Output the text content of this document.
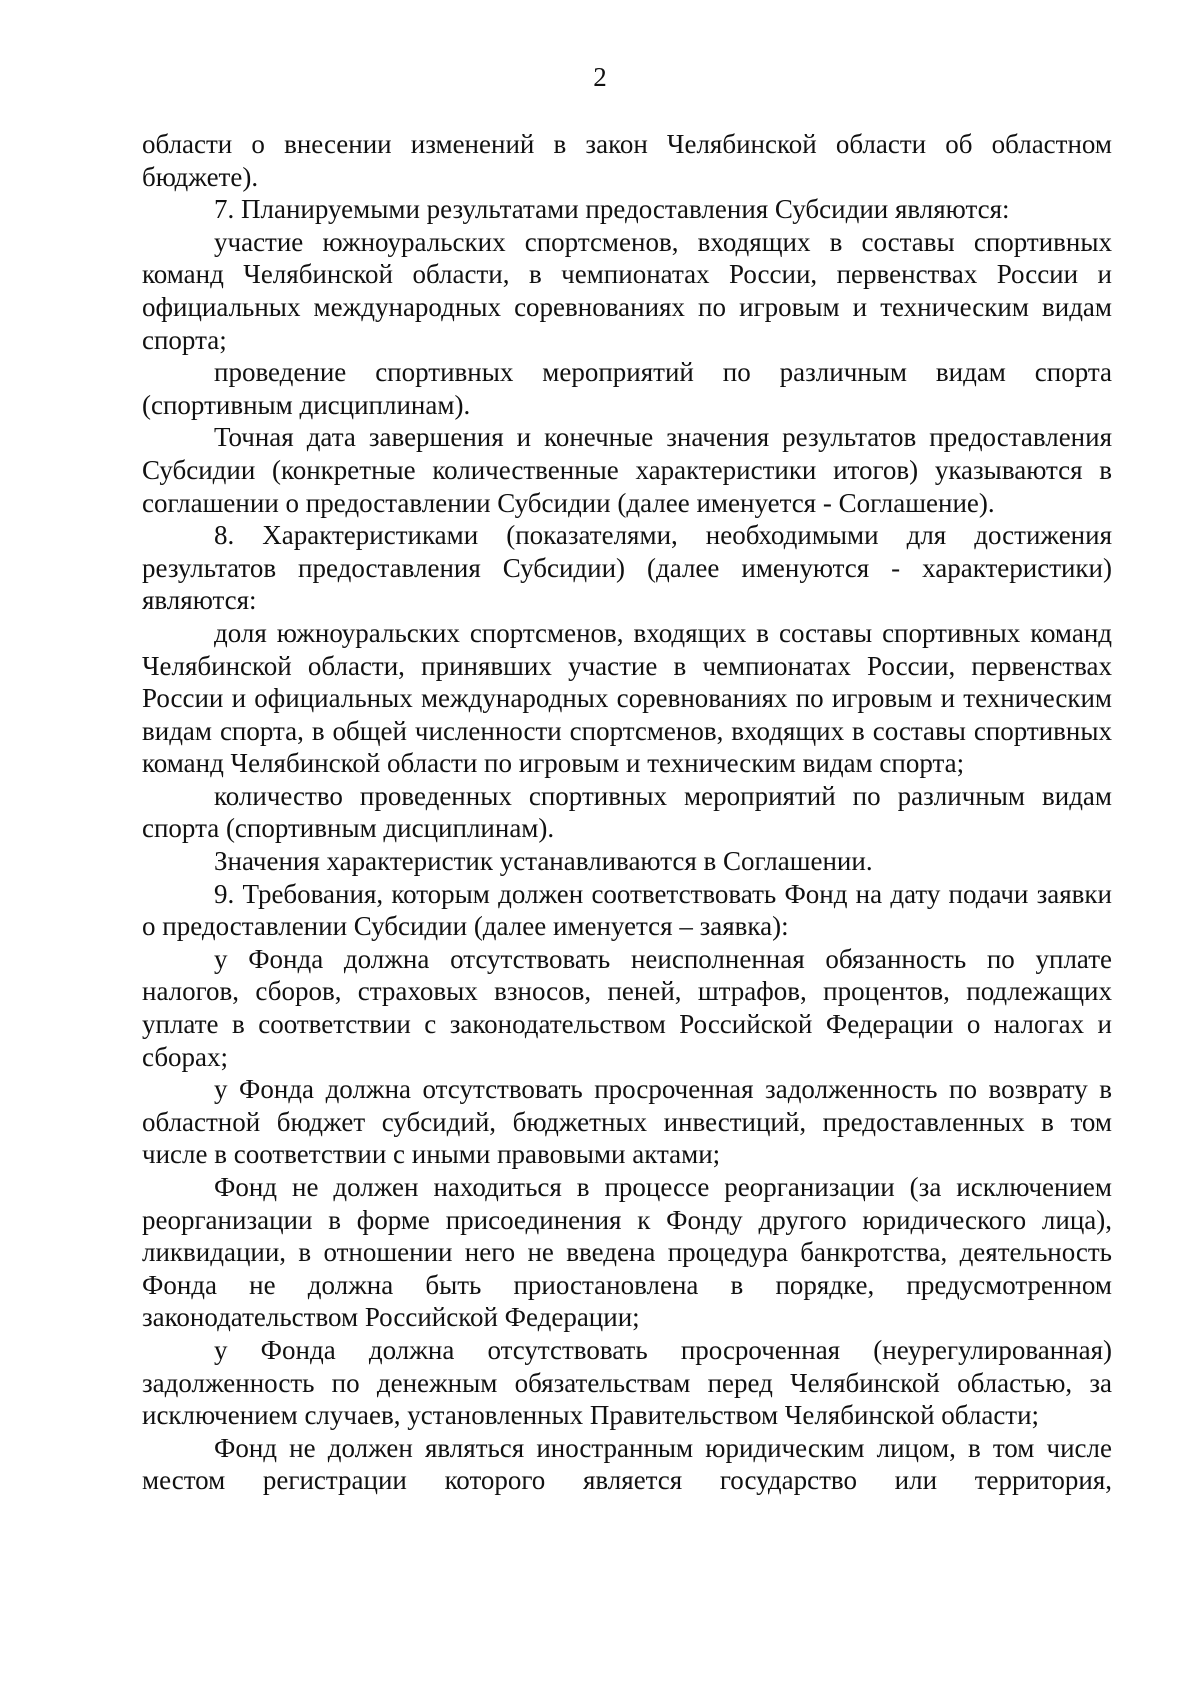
2

области о внесении изменений в закон Челябинской области об областном бюджете).

7. Планируемыми результатами предоставления Субсидии являются:

участие южноуральских спортсменов, входящих в составы спортивных команд Челябинской области, в чемпионатах России, первенствах России и официальных международных соревнованиях по игровым и техническим видам спорта;

проведение спортивных мероприятий по различным видам спорта (спортивным дисциплинам).

Точная дата завершения и конечные значения результатов предоставления Субсидии (конкретные количественные характеристики итогов) указываются в соглашении о предоставлении Субсидии (далее именуется - Соглашение).

8. Характеристиками (показателями, необходимыми для достижения результатов предоставления Субсидии) (далее именуются - характеристики) являются:

доля южноуральских спортсменов, входящих в составы спортивных команд Челябинской области, принявших участие в чемпионатах России, первенствах России и официальных международных соревнованиях по игровым и техническим видам спорта, в общей численности спортсменов, входящих в составы спортивных команд Челябинской области по игровым и техническим видам спорта;

количество проведенных спортивных мероприятий по различным видам спорта (спортивным дисциплинам).

Значения характеристик устанавливаются в Соглашении.

9. Требования, которым должен соответствовать Фонд на дату подачи заявки о предоставлении Субсидии (далее именуется – заявка):

у Фонда должна отсутствовать неисполненная обязанность по уплате налогов, сборов, страховых взносов, пеней, штрафов, процентов, подлежащих уплате в соответствии с законодательством Российской Федерации о налогах и сборах;

у Фонда должна отсутствовать просроченная задолженность по возврату в областной бюджет субсидий, бюджетных инвестиций, предоставленных в том числе в соответствии с иными правовыми актами;

Фонд не должен находиться в процессе реорганизации (за исключением реорганизации в форме присоединения к Фонду другого юридического лица), ликвидации, в отношении него не введена процедура банкротства, деятельность Фонда не должна быть приостановлена в порядке, предусмотренном законодательством Российской Федерации;

у Фонда должна отсутствовать просроченная (неурегулированная) задолженность по денежным обязательствам перед Челябинской областью, за исключением случаев, установленных Правительством Челябинской области;

Фонд не должен являться иностранным юридическим лицом, в том числе местом регистрации которого является государство или территория,
